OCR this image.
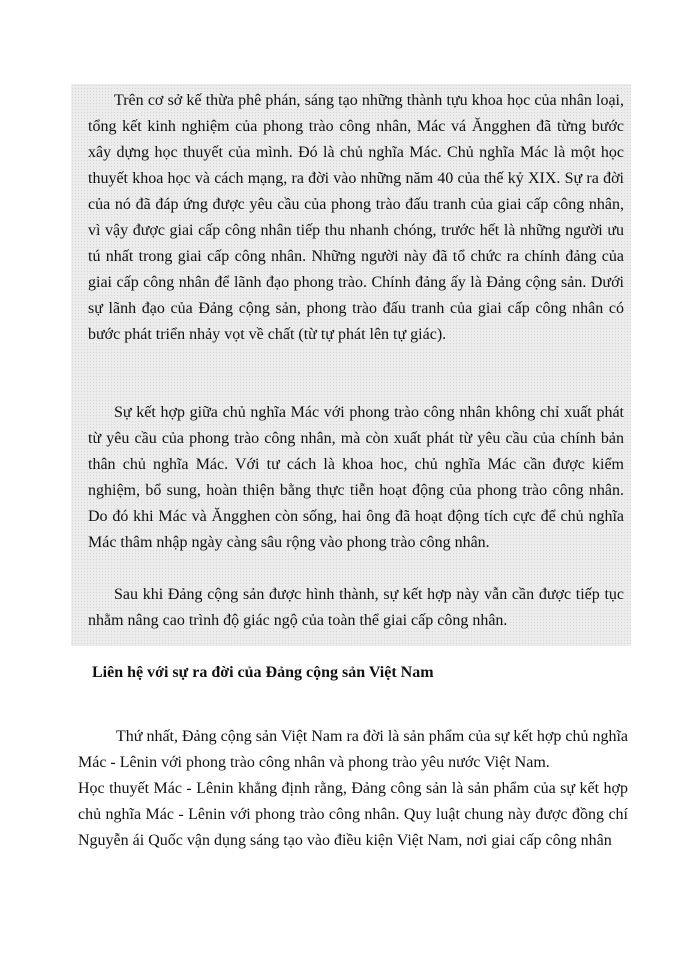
Trên cơ sở kế thừa phê phán, sáng tạo những thành tựu khoa học của nhân loại, tổng kết kinh nghiệm của phong trào công nhân, Mác vá Ăngghen đã từng bước xây dựng học thuyết của mình. Đó là chủ nghĩa Mác. Chủ nghĩa Mác là một học thuyết khoa học và cách mạng, ra đời vào những năm 40 của thế kỷ XIX. Sự ra đời của nó đã đáp ứng được yêu cầu của phong trào đấu tranh của giai cấp công nhân, vì vậy được giai cấp công nhân tiếp thu nhanh chóng, trước hết là những người ưu tú nhất trong giai cấp công nhân. Những người này đã tổ chức ra chính đảng của giai cấp công nhân để lãnh đạo phong trào. Chính đảng ấy là Đảng cộng sản. Dưới sự lãnh đạo của Đảng cộng sản, phong trào đấu tranh của giai cấp công nhân có bước phát triển nhảy vọt về chất (từ tự phát lên tự giác).

Sự kết hợp giữa chủ nghĩa Mác với phong trào công nhân không chỉ xuất phát từ yêu cầu của phong trào công nhân, mà còn xuất phát từ yêu cầu của chính bản thân chủ nghĩa Mác. Với tư cách là khoa hoc, chủ nghĩa Mác cần được kiểm nghiệm, bổ sung, hoàn thiện bằng thực tiễn hoạt động của phong trào công nhân. Do đó khi Mác và Ăngghen còn sống, hai ông đã hoạt động tích cực để chủ nghĩa Mác thâm nhập ngày càng sâu rộng vào phong trào công nhân.

Sau khi Đảng cộng sản được hình thành, sự kết hợp này vẫn cần được tiếp tục nhằm nâng cao trình độ giác ngộ của toàn thể giai cấp công nhân.

Liên hệ với sự ra đời của Đảng cộng sản Việt Nam

Thứ nhất, Đảng cộng sản Việt Nam ra đời là sản phẩm của sự kết hợp chủ nghĩa Mác - Lênin với phong trào công nhân và phong trào yêu nước Việt Nam.

Học thuyết Mác - Lênin khẳng định rằng, Đảng công sản là sản phẩm của sự kết hợp chủ nghĩa Mác - Lênin với phong trào công nhân. Quy luật chung này được đồng chí Nguyễn ái Quốc vận dụng sáng tạo vào điều kiện Việt Nam, nơi giai cấp công nhân
